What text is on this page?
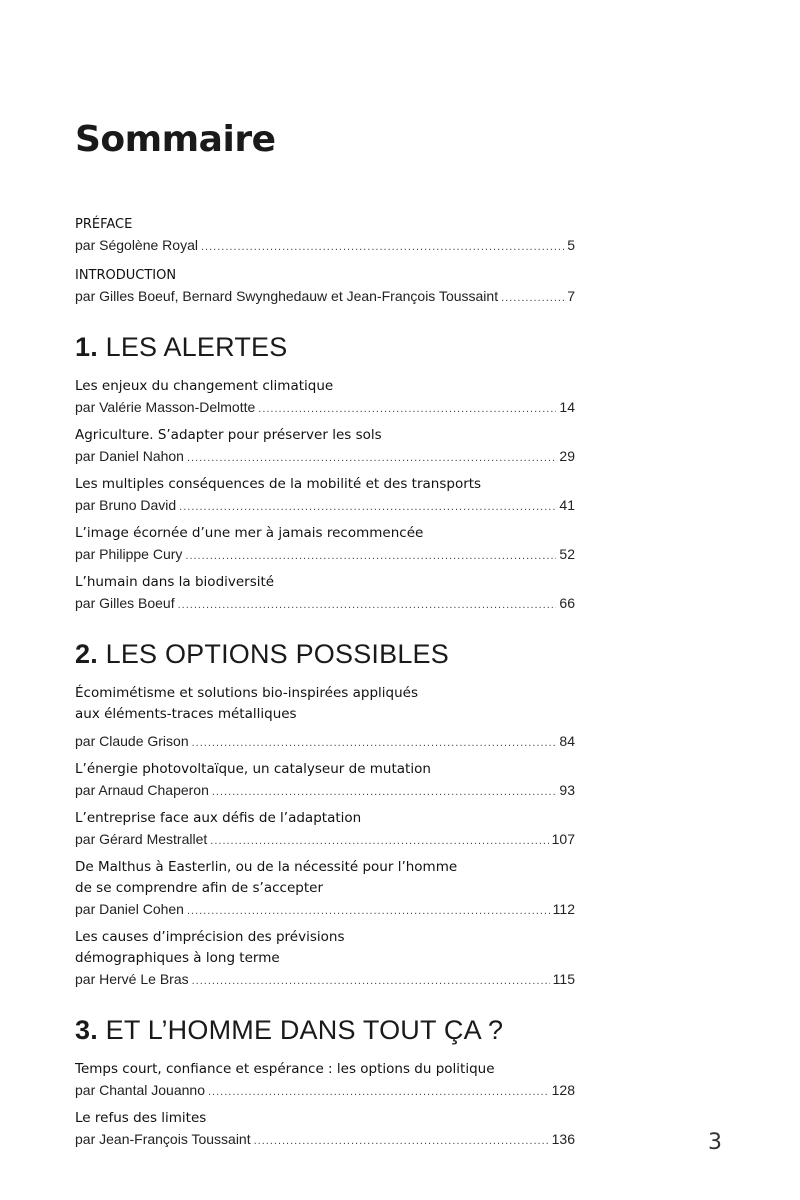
Sommaire
PRÉFACE
par Ségolène Royal .....	5
INTRODUCTION
par Gilles Boeuf, Bernard Swynghedauw et Jean-François Toussaint .....	7
1. LES ALERTES
Les enjeux du changement climatique
par Valérie Masson-Delmotte .....	14
Agriculture. S’adapter pour préserver les sols
par Daniel Nahon .....	29
Les multiples conséquences de la mobilité et des transports
par Bruno David .....	41
L’image écornée d’une mer à jamais recommencée
par Philippe Cury .....	52
L’humain dans la biodiversité
par Gilles Boeuf .....	66
2. LES OPTIONS POSSIBLES
Écomimétisme et solutions bio-inspirées appliqués
aux éléments-traces métalliques
par Claude Grison .....	84
L’énergie photovoltaïque, un catalyseur de mutation
par Arnaud Chaperon .....	93
L’entreprise face aux défis de l’adaptation
par Gérard Mestrallet .....	107
De Malthus à Easterlin, ou de la nécessité pour l’homme
de se comprendre afin de s’accepter
par Daniel Cohen .....	112
Les causes d’imprécision des prévisions
démographiques à long terme
par Hervé Le Bras .....	115
3. ET L’HOMME DANS TOUT ÇA ?
Temps court, confiance et espérance : les options du politique
par Chantal Jouanno .....	128
Le refus des limites
par Jean-François Toussaint .....	136	3
